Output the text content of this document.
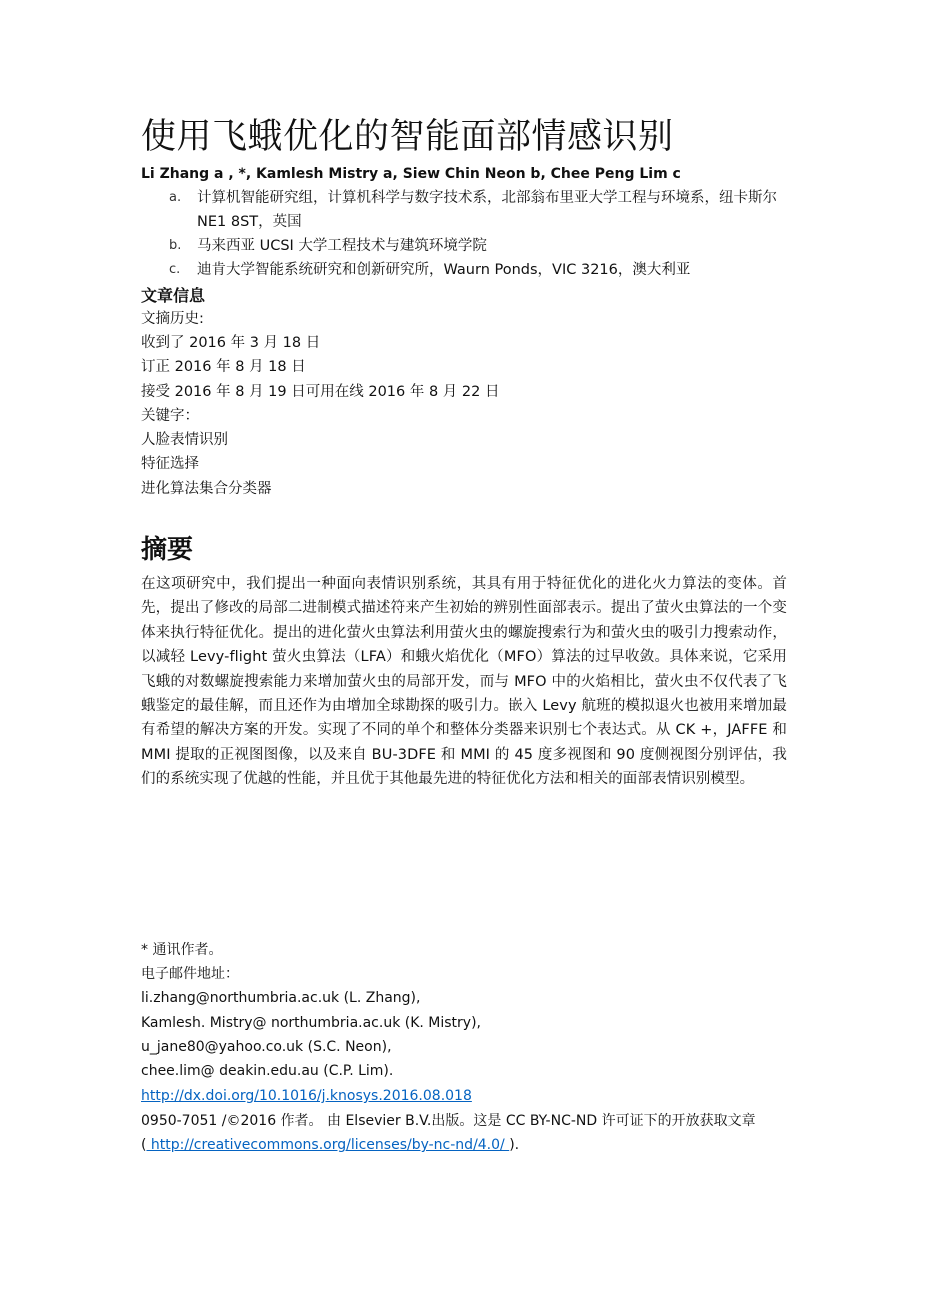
使用飞蛾优化的智能面部情感识别
Li Zhang a , *, Kamlesh Mistry a, Siew Chin Neon b, Chee Peng Lim c
a.	计算机智能研究组，计算机科学与数字技术系，北部翁布里亚大学工程与环境系，纽卡斯尔 NE1 8ST，英国
b.	马来西亚 UCSI 大学工程技术与建筑环境学院
c.	迪肯大学智能系统研究和创新研究所，Waurn Ponds，VIC 3216，澳大利亚
文章信息
文摘历史:
收到了 2016 年 3 月 18 日
订正 2016 年 8 月 18 日
接受 2016 年 8 月 19 日可用在线 2016 年 8 月 22 日
关键字：
人脸表情识别
特征选择
进化算法集合分类器
摘要
在这项研究中，我们提出一种面向表情识别系统，其具有用于特征优化的进化火力算法的变体。首先，提出了修改的局部二进制模式描述符来产生初始的辨别性面部表示。提出了萤火虫算法的一个变体来执行特征优化。提出的进化萤火虫算法利用萤火虫的螺旋搜索行为和萤火虫的吸引力搜索动作，以减轻 Levy-flight 萤火虫算法（LFA）和蛾火焰优化（MFO）算法的过早收敛。具体来说，它采用飞蛾的对数螺旋搜索能力来增加萤火虫的局部开发，而与 MFO 中的火焰相比，萤火虫不仅代表了飞蛾鉴定的最佳解，而且还作为由增加全球勘探的吸引力。嵌入 Levy 航班的模拟退火也被用来增加最有希望的解决方案的开发。实现了不同的单个和整体分类器来识别七个表达式。从 CK +，JAFFE 和 MMI 提取的正视图图像，以及来自 BU-3DFE 和 MMI 的 45 度多视图和 90 度侧视图分别评估，我们的系统实现了优越的性能，并且优于其他最先进的特征优化方法和相关的面部表情识别模型。
* 通讯作者。
电子邮件地址：
li.zhang@northumbria.ac.uk (L. Zhang),
Kamlesh. Mistry@ northumbria.ac.uk (K. Mistry),
u_jane80@yahoo.co.uk (S.C. Neon),
chee.lim@ deakin.edu.au (C.P. Lim).
http://dx.doi.org/10.1016/j.knosys.2016.08.018
0950-7051 /©2016 作者。 由 Elsevier B.V.出版。这是 CC BY-NC-ND 许可证下的开放获取文章
( http://creativecommons.org/licenses/by-nc-nd/4.0/ ).
